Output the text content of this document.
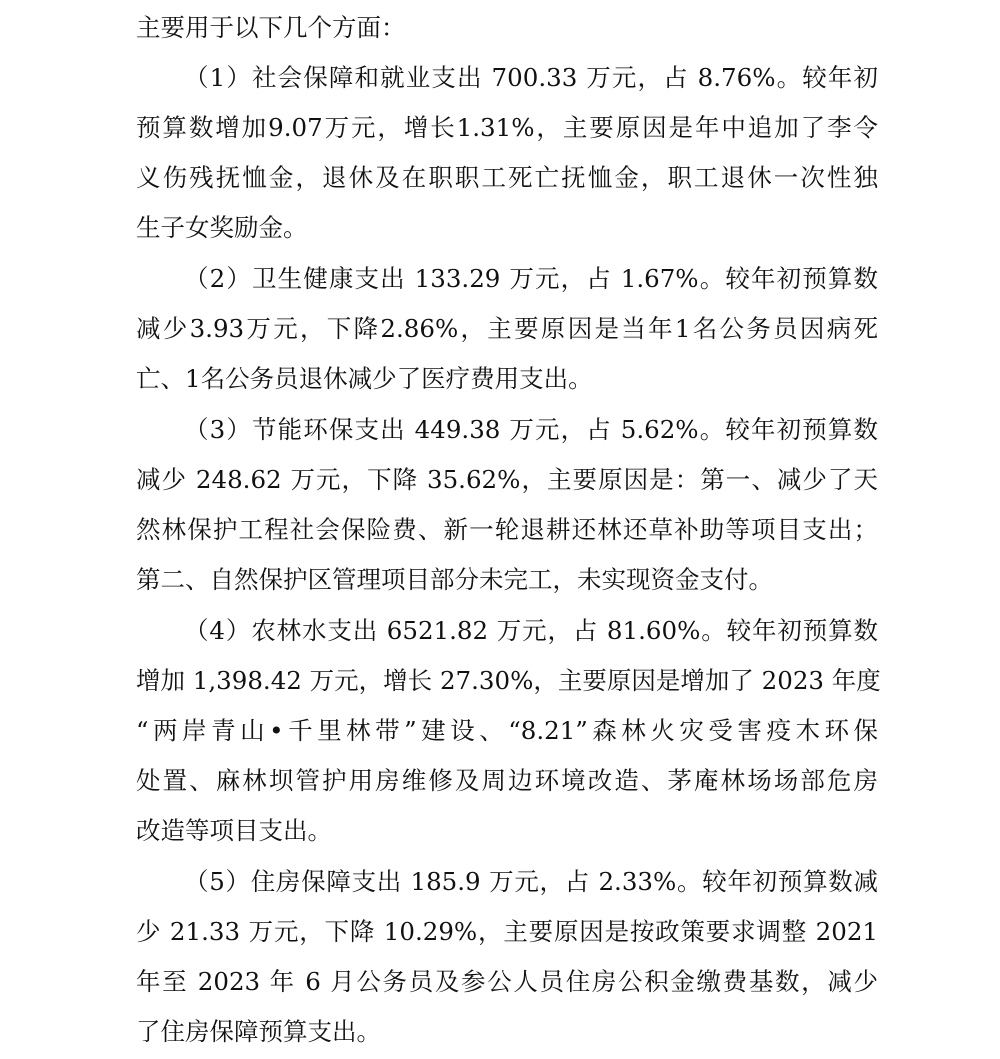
主要用于以下几个方面：
（1）社会保障和就业支出 700.33 万元，占 8.76%。较年初
预算数增加9.07万元，增长1.31%，主要原因是年中追加了李令
义伤残抚恤金，退休及在职职工死亡抚恤金，职工退休一次性独
生子女奖励金。
（2）卫生健康支出 133.29 万元，占 1.67%。较年初预算数
减少3.93万元，下降2.86%，主要原因是当年1名公务员因病死
亡、1名公务员退休减少了医疗费用支出。
（3）节能环保支出 449.38 万元，占 5.62%。较年初预算数
减少 248.62 万元，下降 35.62%，主要原因是：第一、减少了天
然林保护工程社会保险费、新一轮退耕还林还草补助等项目支出；
第二、自然保护区管理项目部分未完工，未实现资金支付。
（4）农林水支出 6521.82 万元，占 81.60%。较年初预算数
增加 1,398.42 万元，增长 27.30%，主要原因是增加了 2023 年度
“两岸青山•千里林带”建设、“8.21”森林火灾受害疫木环保
处置、麻林坝管护用房维修及周边环境改造、茅庵林场场部危房
改造等项目支出。
（5）住房保障支出 185.9 万元，占 2.33%。较年初预算数减
少 21.33 万元，下降 10.29%，主要原因是按政策要求调整 2021
年至 2023 年 6 月公务员及参公人员住房公积金缴费基数，减少
了住房保障预算支出。
